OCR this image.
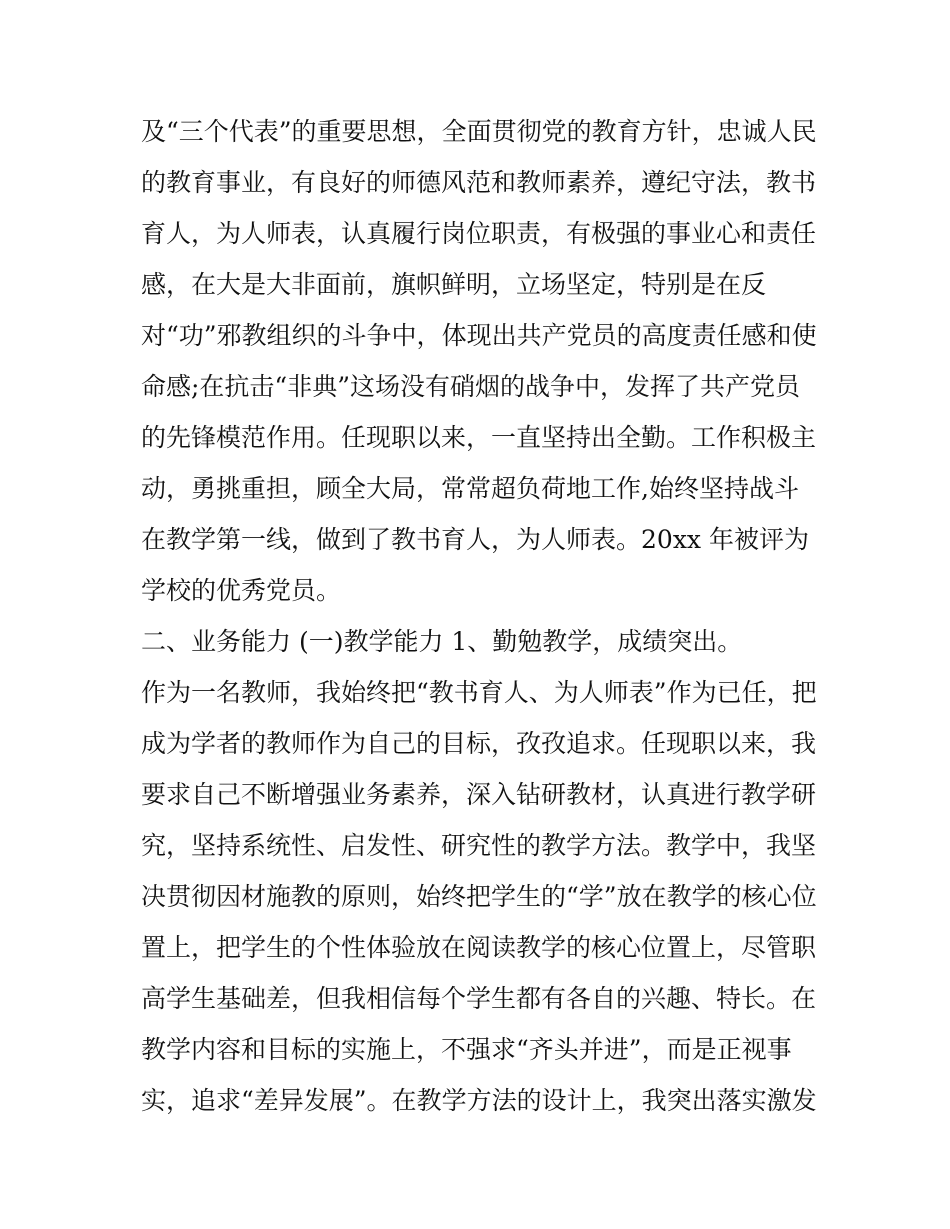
及“三个代表”的重要思想，全面贯彻党的教育方针，忠诚人民
的教育事业，有良好的师德风范和教师素养，遵纪守法，教书
育人，为人师表，认真履行岗位职责，有极强的事业心和责任
感，在大是大非面前，旗帜鲜明，立场坚定，特别是在反
对“功”邪教组织的斗争中，体现出共产党员的高度责任感和使
命感;在抗击“非典”这场没有硝烟的战争中，发挥了共产党员
的先锋模范作用。任现职以来，一直坚持出全勤。工作积极主
动，勇挑重担，顾全大局，常常超负荷地工作,始终坚持战斗
在教学第一线，做到了教书育人，为人师表。20xx 年被评为
学校的优秀党员。
二、业务能力 (一)教学能力 1、勤勉教学，成绩突出。
作为一名教师，我始终把“教书育人、为人师表”作为已任，把
成为学者的教师作为自己的目标，孜孜追求。任现职以来，我
要求自己不断增强业务素养，深入钻研教材，认真进行教学研
究，坚持系统性、启发性、研究性的教学方法。教学中，我坚
决贯彻因材施教的原则，始终把学生的“学”放在教学的核心位
置上，把学生的个性体验放在阅读教学的核心位置上，尽管职
高学生基础差，但我相信每个学生都有各自的兴趣、特长。在
教学内容和目标的实施上，不强求“齐头并进”，而是正视事
实，追求“差异发展”。在教学方法的设计上，我突出落实激发
